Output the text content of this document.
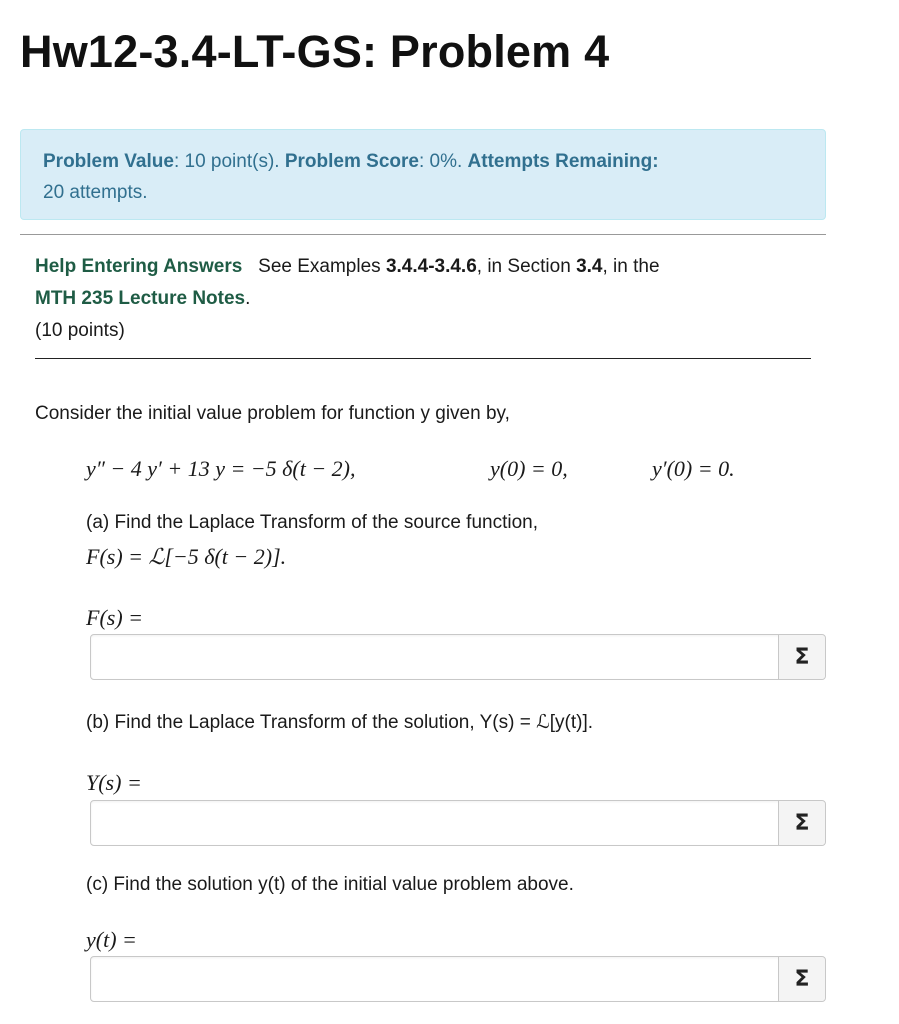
Hw12-3.4-LT-GS: Problem 4
Problem Value: 10 point(s). Problem Score: 0%. Attempts Remaining:
20 attempts.
Help Entering Answers See Examples 3.4.4-3.4.6, in Section 3.4, in the
MTH 235 Lecture Notes.
(10 points)
Consider the initial value problem for function y given by,
y″ − 4 y′ + 13 y = −5 δ(t − 2),	y(0) = 0,	y′(0) = 0.
(a) Find the Laplace Transform of the source function,
F(s) = ℒ[−5 δ(t − 2)].
F(s) =
Σ
(b) Find the Laplace Transform of the solution, Y(s) = ℒ[y(t)].
Y(s) =
Σ
(c) Find the solution y(t) of the initial value problem above.
y(t) =
Σ
